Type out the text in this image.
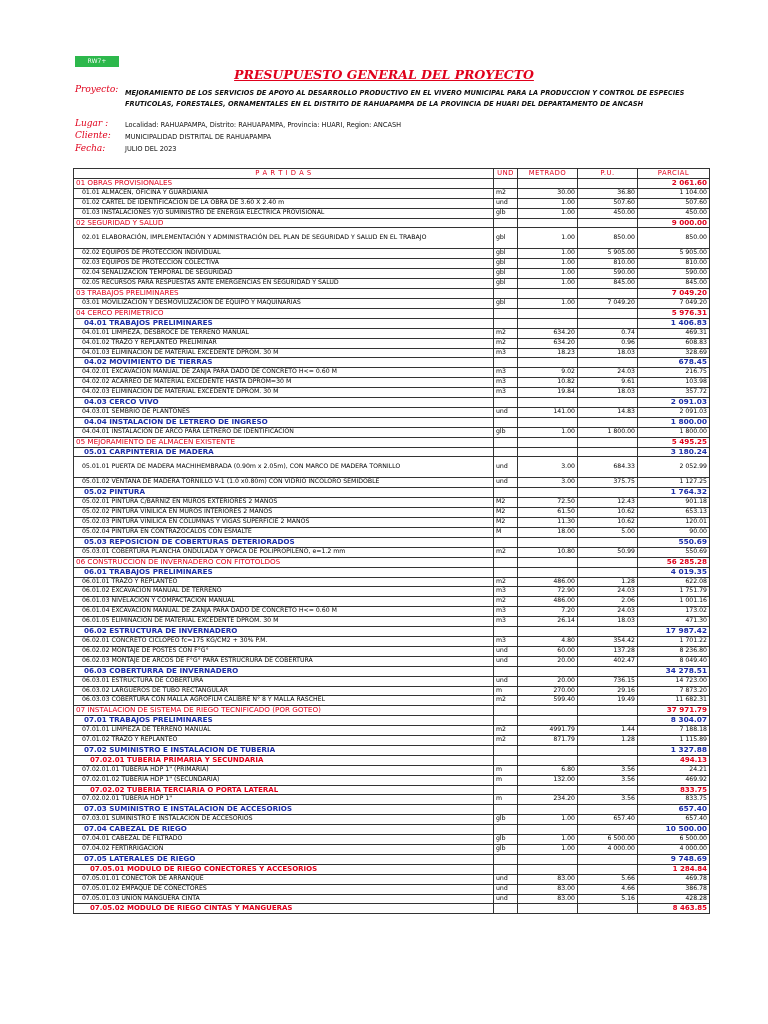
RW7+
PRESUPUESTO GENERAL DEL PROYECTO
Proyecto: MEJORAMIENTO DE LOS SERVICIOS DE APOYO AL DESARROLLO PRODUCTIVO EN EL VIVERO MUNICIPAL PARA LA PRODUCCION Y CONTROL DE ESPECIES FRUTICOLAS, FORESTALES, ORNAMENTALES EN EL DISTRITO DE RAHUAPAMPA DE LA PROVINCIA DE HUARI DEL DEPARTAMENTO DE ANCASH
Lugar :	Localidad: RAHUAPAMPA, Distrito: RAHUAPAMPA, Provincia: HUARI, Region: ANCASH
Cliente: MUNICIPALIDAD DISTRITAL DE RAHUAPAMPA
Fecha:	JULIO DEL 2023
P A R T I D A S	UND	METRADO	P.U.	PARCIAL
01 OBRAS PROVISIONALES				2 061.60
01.01 ALMACEN, OFICINA Y GUARDIANIA	m2	30.00	36.80	1 104.00
01.02 CARTEL DE IDENTIFICACION DE LA OBRA DE 3.60 X 2.40 m	und	1.00	507.60	507.60
01.03 INSTALACIONES Y/O SUMINISTRO DE ENERGÍA ELÉCTRICA PROVISIONAL	glb	1.00	450.00	450.00
02 SEGURIDAD Y SALUD				9 000.00
02.01 ELABORACIÓN, IMPLEMENTACIÓN Y ADMINISTRACIÓN DEL PLAN DE SEGURIDAD Y SALUD EN EL TRABAJO	gbl	1.00	850.00	850.00
02.02 EQUIPOS DE PROTECCIÓN INDIVIDUAL	gbl	1.00	5 905.00	5 905.00
02.03 EQUIPOS DE PROTECCIÓN COLECTIVA	gbl	1.00	810.00	810.00
02.04 SEÑALIZACIÓN TEMPORAL DE SEGURIDAD	gbl	1.00	590.00	590.00
02.05 RECURSOS PARA RESPUESTAS ANTE EMERGENCIAS EN SEGURIDAD Y SALUD	gbl	1.00	845.00	845.00
03 TRABAJOS PRELIMINARES				7 049.20
03.01 MOVILIZACION Y DESMOVILIZACION DE EQUIPO Y MAQUINARIAS	gbl	1.00	7 049.20	7 049.20
04 CERCO PERIMETRICO				5 976.31
04.01 TRABAJOS PRELIMINARES				1 406.83
04.01.01 LIMPIEZA, DESBROCE DE TERRENO MANUAL	m2	634.20	0.74	469.31
04.01.02 TRAZO Y REPLANTEO PRELIMINAR	m2	634.20	0.96	608.83
04.01.03 ELIMINACION DE MATERIAL EXCEDENTE DPROM. 30 M	m3	18.23	18.03	328.69
04.02 MOVIMIENTO DE TIERRAS				678.45
04.02.01 EXCAVACION MANUAL DE ZANJA PARA DADO DE CONCRETO H<= 0.60 M	m3	9.02	24.03	216.75
04.02.02 ACARREO DE MATERIAL EXCEDENTE HASTA DPROM=30 M	m3	10.82	9.61	103.98
04.02.03 ELIMINACION DE MATERIAL EXCEDENTE DPROM. 30 M	m3	19.84	18.03	357.72
04.03 CERCO VIVO				2 091.03
04.03.01 SEMBRIO DE PLANTONES	und	141.00	14.83	2 091.03
04.04 INSTALACION DE LETRERO DE INGRESO				1 800.00
04.04.01 INSTALACION DE ARCO PARA LETRERO DE IDENTIFICACION	glb	1.00	1 800.00	1 800.00
05 MEJORAMIENTO DE ALMACEN EXISTENTE				5 495.25
05.01 CARPINTERIA DE MADERA				3 180.24
05.01.01 PUERTA DE MADERA MACHIHEMBRADA (0.90m x 2.05m), CON MARCO DE MADERA TORNILLO	und	3.00	684.33	2 052.99
05.01.02 VENTANA DE MADERA TORNILLO V-1 (1.0 x0.80m) CON VIDRIO INCOLORO SEMIDOBLE	und	3.00	375.75	1 127.25
05.02 PINTURA				1 764.32
05.02.01 PINTURA C/BARNIZ EN MUROS EXTERIORES 2 MANOS	M2	72.50	12.43	901.18
05.02.02 PINTURA VINILICA EN MUROS INTERIORES 2 MANOS	M2	61.50	10.62	653.13
05.02.03 PINTURA VINILICA EN COLUMNAS Y VIGAS SUPERFICIE 2 MANOS	M2	11.30	10.62	120.01
05.02.04 PINTURA EN CONTRAZOCALOS CON ESMALTE	M	18.00	5.00	90.00
05.03 REPOSICION DE COBERTURAS DETERIORADOS				550.69
05.03.01 COBERTURA PLANCHA ONDULADA Y OPACA DE POLIPROPILENO, e=1.2 mm	m2	10.80	50.99	550.69
06 CONSTRUCCION DE INVERNADERO CON FITOTOLDOS				56 285.28
06.01 TRABAJOS PRELIMINARES				4 019.35
06.01.01 TRAZO Y REPLANTEO	m2	486.00	1.28	622.08
06.01.02 EXCAVACION MANUAL DE TERRENO	m3	72.90	24.03	1 751.79
06.01.03 NIVELACION Y COMPACTACION MANUAL	m2	486.00	2.06	1 001.16
06.01.04 EXCAVACION MANUAL DE ZANJA PARA DADO DE CONCRETO H<= 0.60 M	m3	7.20	24.03	173.02
06.01.05 ELIMINACION DE MATERIAL EXCEDENTE DPROM. 30 M	m3	26.14	18.03	471.30
06.02 ESTRUCTURA DE INVERNADERO				17 987.42
06.02.01 CONCRETO CICLOPEO fc=175 KG/CM2 + 30% P.M.	m3	4.80	354.42	1 701.22
06.02.02 MONTAJE DE POSTES CON F°G°	und	60.00	137.28	8 236.80
06.02.03 MONTAJE DE ARCOS DE F°G° PARA ESTRUCRURA DE COBERTURA	und	20.00	402.47	8 049.40
06.03 COBERTURRA DE INVERNADERO				34 278.51
06.03.01 ESTRUCTURA DE COBERTURA	und	20.00	736.15	14 723.00
06.03.02 LARGUEROS DE TUBO RECTANGULAR	m	270.00	29.16	7 873.20
06.03.03 COBERTURA CON MALLA AGROFILM CALIBRE N° 8 Y MALLA RASCHEL	m2	599.40	19.49	11 682.31
07 INSTALACION DE SISTEMA DE RIEGO TECNIFICADO (POR GOTEO)				37 971.79
07.01 TRABAJOS PRELIMINARES				8 304.07
07.01.01 LIMPIEZA DE TERRENO MANUAL	m2	4991.79	1.44	7 188.18
07.01.02 TRAZO Y REPLANTEO	m2	871.79	1.28	1 115.89
07.02 SUMINISTRO E INSTALACION DE TUBERIA				1 327.88
07.02.01 TUBERIA PRIMARIA Y SECUNDARIA				494.13
07.02.01.01 TUBERIA HDP 1" (PRIMARIA)	m	6.80	3.56	24.21
07.02.01.02 TUBERIA HDP 1" (SECUNDARIA)	m	132.00	3.56	469.92
07.02.02 TUBERIA TERCIARIA O PORTA LATERAL				833.75
07.02.02.01 TUBERIA HDP 1"	m	234.20	3.56	833.75
07.03 SUMINISTRO E INSTALACION DE ACCESORIOS				657.40
07.03.01 SUMINISTRO E INSTALACIÓN DE ACCESORIOS	glb	1.00	657.40	657.40
07.04 CABEZAL DE RIEGO				10 500.00
07.04.01 CABEZAL DE FILTRADO	glb	1.00	6 500.00	6 500.00
07.04.02 FERTIRRIGACION	glb	1.00	4 000.00	4 000.00
07.05 LATERALES DE RIEGO				9 748.69
07.05.01 MODULO DE RIEGO CONECTORES Y ACCESORIOS				1 284.84
07.05.01.01 CONECTOR DE ARRANQUE	und	83.00	5.66	469.78
07.05.01.02 EMPAQUE DE CONECTORES	und	83.00	4.66	386.78
07.05.01.03 UNION MANGUERA CINTA	und	83.00	5.16	428.28
07.05.02 MODULO DE RIEGO CINTAS Y MANGUERAS				8 463.85
